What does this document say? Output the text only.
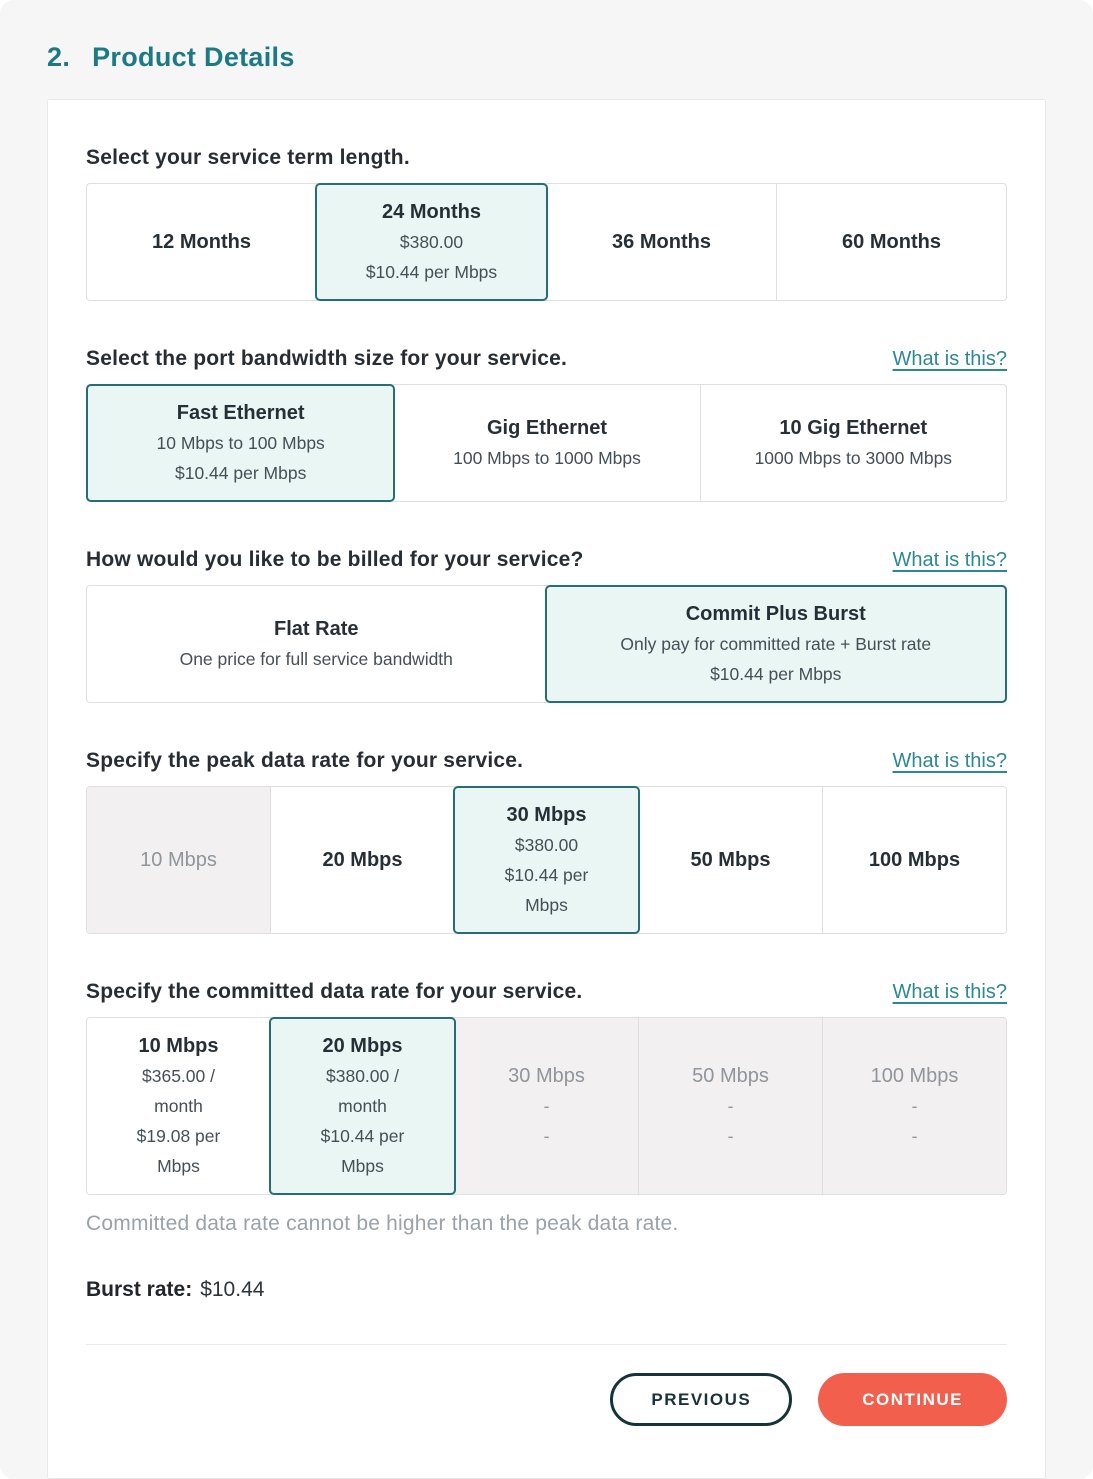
2. Product Details
Select your service term length.
12 Months
24 Months
$380.00
$10.44 per Mbps
36 Months	60 Months
Select the port bandwidth size for your service.	What is this?
Fast Ethernet
10 Mbps to 100 Mbps
$10.44 per Mbps
Gig Ethernet
100 Mbps to 1000 Mbps
10 Gig Ethernet
1000 Mbps to 3000 Mbps
How would you like to be billed for your service?	What is this?
Flat Rate
One price for full service bandwidth
Commit Plus Burst
Only pay for committed rate + Burst rate
$10.44 per Mbps
Specify the peak data rate for your service.	What is this?
10 Mbps	20 Mbps
30 Mbps
$380.00
$10.44 per
Mbps
50 Mbps	100 Mbps
Specify the committed data rate for your service.	What is this?
10 Mbps
$365.00 /
month
$19.08 per
Mbps
20 Mbps
$380.00 /
month
$10.44 per
Mbps
30 Mbps
-
-
50 Mbps
-
-
100 Mbps
-
-
Committed data rate cannot be higher than the peak data rate.
Burst rate: $10.44
PREVIOUS	CONTINUE
